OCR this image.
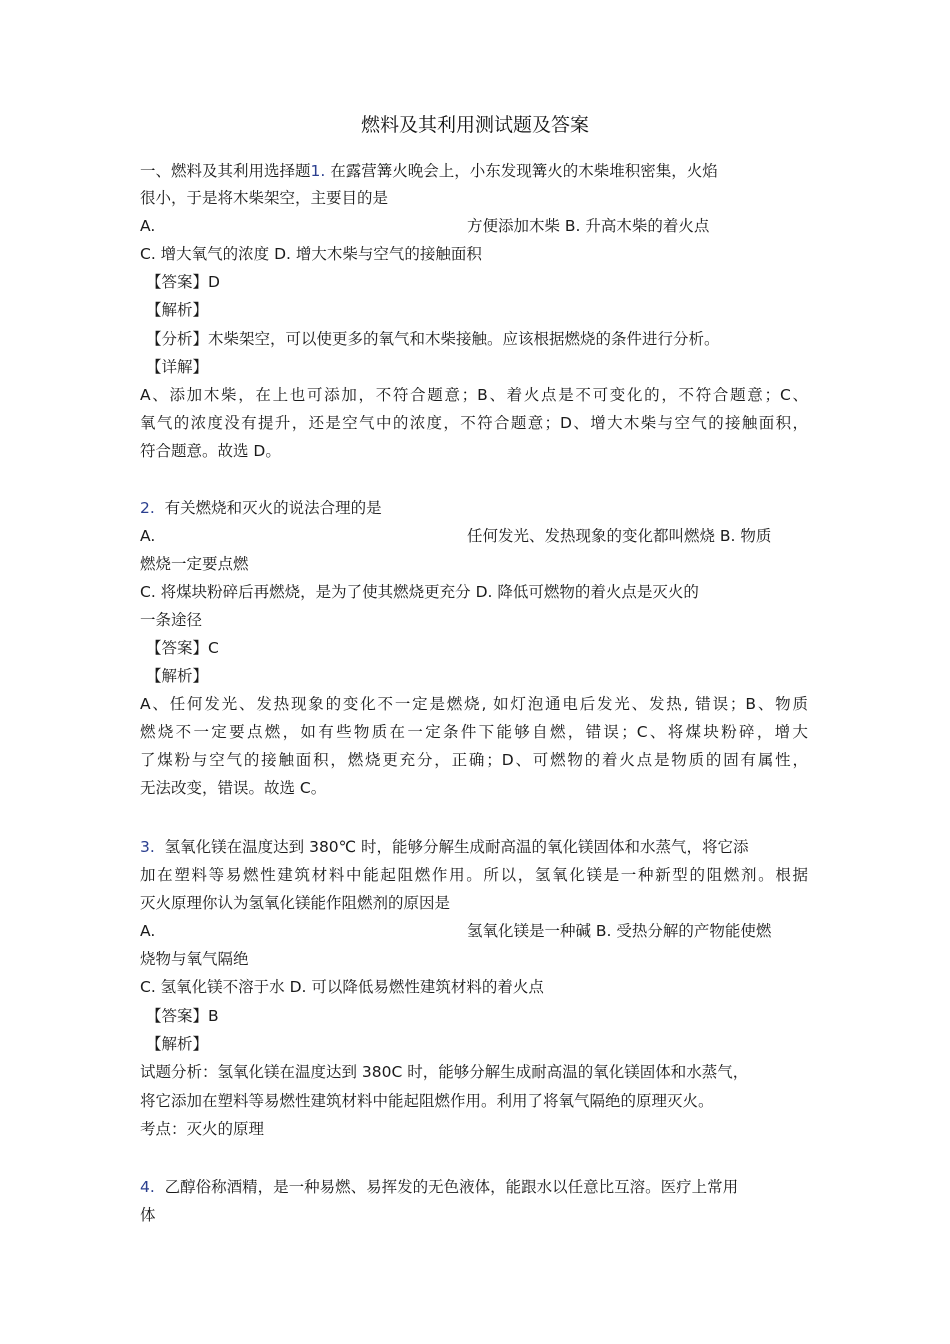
燃料及其利用测试题及答案
一、燃料及其利用选择题1. 在露营篝火晚会上，小东发现篝火的木柴堆积密集，火焰
很小，于是将木柴架空，主要目的是
A.	方便添加木柴 B. 升高木柴的着火点
C. 增大氧气的浓度 D. 增大木柴与空气的接触面积
【答案】D
【解析】
【分析】木柴架空，可以使更多的氧气和木柴接触。应该根据燃烧的条件进行分析。
【详解】
A、添加木柴，在上也可添加，不符合题意；B、着火点是不可变化的，不符合题意；C、
氧气的浓度没有提升，还是空气中的浓度，不符合题意；D、增大木柴与空气的接触面积，
符合题意。故选 D。
2. 有关燃烧和灭火的说法合理的是
A.	任何发光、发热现象的变化都叫燃烧 B. 物质
燃烧一定要点燃
C. 将煤块粉碎后再燃烧，是为了使其燃烧更充分 D. 降低可燃物的着火点是灭火的
一条途径
【答案】C
【解析】
A、任何发光、发热现象的变化不一定是燃烧, 如灯泡通电后发光、发热, 错误；B、物质
燃烧不一定要点燃，如有些物质在一定条件下能够自燃，错误；C、将煤块粉碎，增大
了煤粉与空气的接触面积，燃烧更充分，正确；D、可燃物的着火点是物质的固有属性，
无法改变，错误。故选 C。
3. 氢氧化镁在温度达到 380℃ 时，能够分解生成耐高温的氧化镁固体和水蒸气，将它添
加在塑料等易燃性建筑材料中能起阻燃作用。所以，氢氧化镁是一种新型的阻燃剂。根据
灭火原理你认为氢氧化镁能作阻燃剂的原因是
A.	氢氧化镁是一种碱 B. 受热分解的产物能使燃
烧物与氧气隔绝
C. 氢氧化镁不溶于水 D. 可以降低易燃性建筑材料的着火点
【答案】B
【解析】
试题分析：氢氧化镁在温度达到 380C 时，能够分解生成耐高温的氧化镁固体和水蒸气，
将它添加在塑料等易燃性建筑材料中能起阻燃作用。利用了将氧气隔绝的原理灭火。
考点：灭火的原理
4. 乙醇俗称酒精，是一种易燃、易挥发的无色液体，能跟水以任意比互溶。医疗上常用
体
